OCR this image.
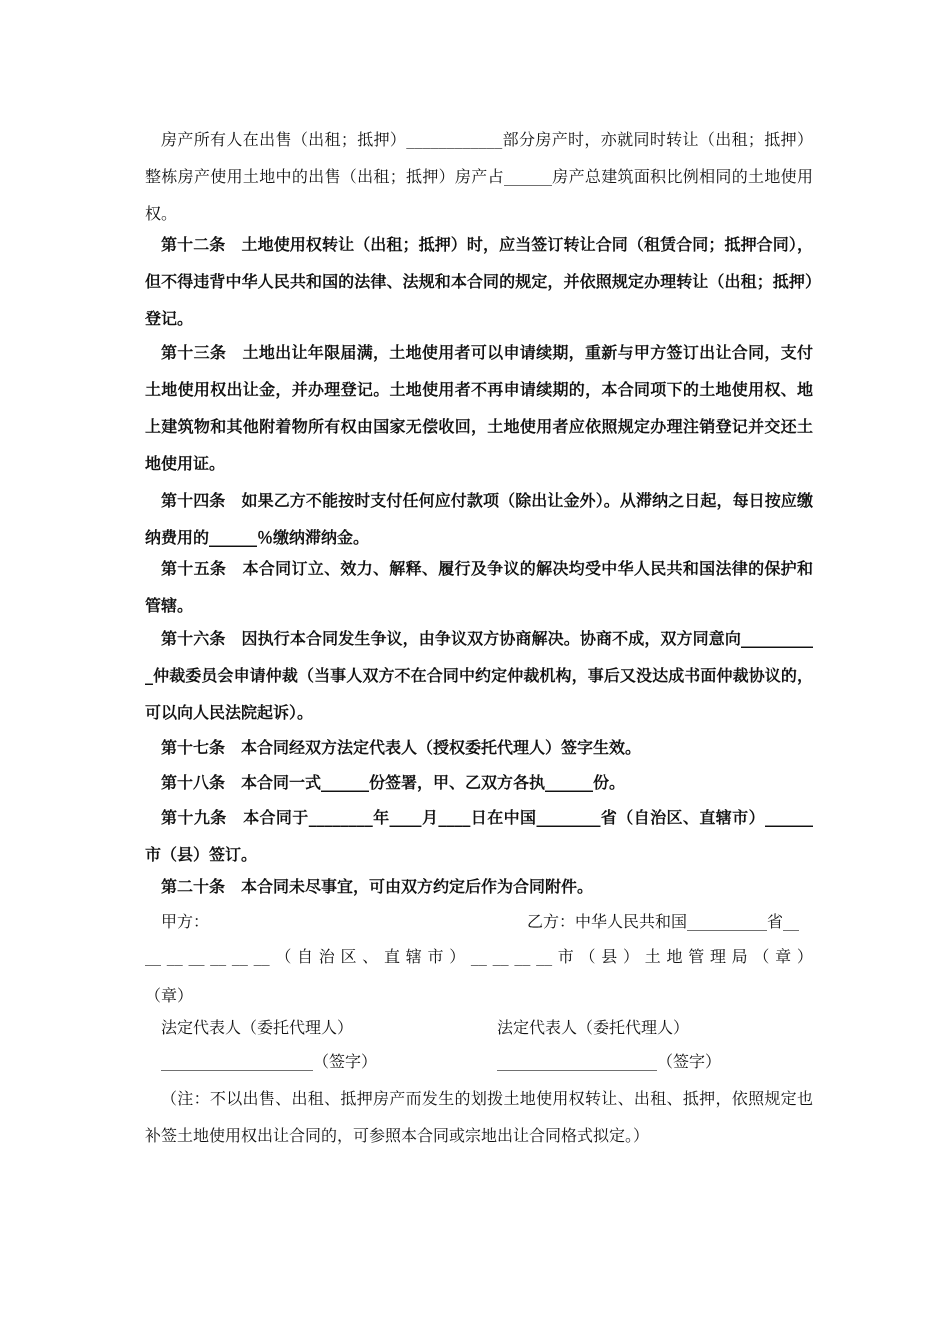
房产所有人在出售（出租；抵押）____________部分房产时，亦就同时转让（出租；抵押）整栋房产使用土地中的出售（出租；抵押）房产占______房产总建筑面积比例相同的土地使用权。
第十二条　土地使用权转让（出租；抵押）时，应当签订转让合同（租赁合同；抵押合同），但不得违背中华人民共和国的法律、法规和本合同的规定，并依照规定办理转让（出租；抵押）登记。
第十三条　土地出让年限届满，土地使用者可以申请续期，重新与甲方签订出让合同，支付土地使用权出让金，并办理登记。土地使用者不再申请续期的，本合同项下的土地使用权、地上建筑物和其他附着物所有权由国家无偿收回，土地使用者应依照规定办理注销登记并交还土地使用证。
第十四条　如果乙方不能按时支付任何应付款项（除出让金外）。从滞纳之日起，每日按应缴纳费用的______％缴纳滞纳金。
第十五条　本合同订立、效力、解释、履行及争议的解决均受中华人民共和国法律的保护和管辖。
第十六条　因执行本合同发生争议，由争议双方协商解决。协商不成，双方同意向__________仲裁委员会申请仲裁（当事人双方不在合同中约定仲裁机构，事后又没达成书面仲裁协议的，可以向人民法院起诉）。
第十七条　本合同经双方法定代表人（授权委托代理人）签字生效。
第十八条　本合同一式______份签署，甲、乙双方各执______份。
第十九条　本合同于________年____月____日在中国________省（自治区、直辖市）______市（县）签订。
第二十条　本合同未尽事宜，可由双方约定后作为合同附件。
甲方：	乙方：中华人民共和国__________省__
__ __ __ __ __ __ （ 自 治 区 、 直 辖 市 ） __ __ __ __ 市 （ 县 ） 土 地 管 理 局 （ 章 ）
（章）
法定代表人（委托代理人）	法定代表人（委托代理人）
___________________（签字）	____________________（签字）
（注：不以出售、出租、抵押房产而发生的划拨土地使用权转让、出租、抵押，依照规定也补签土地使用权出让合同的，可参照本合同或宗地出让合同格式拟定。）
